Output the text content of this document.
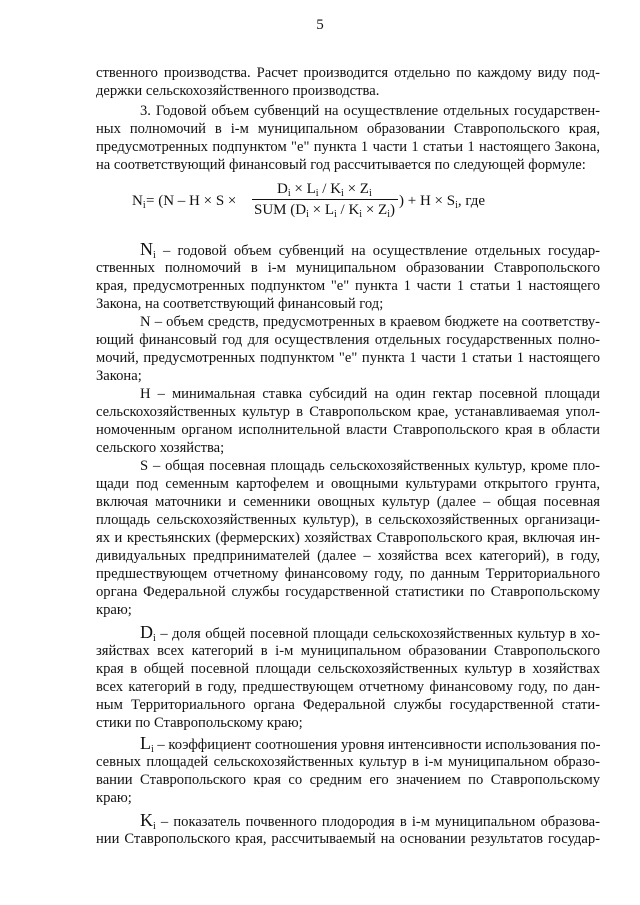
5
ственного производства. Расчет производится отдельно по каждому виду под-
держки сельскохозяйственного производства.
3. Годовой объем субвенций на осуществление отдельных государствен-
ных полномочий в i-м муниципальном образовании Ставропольского края,
предусмотренных подпунктом "е" пункта 1 части 1 статьи 1 настоящего Закона,
на соответствующий финансовый год рассчитывается по следующей формуле:
$N_i = (N - H \times S$ ×
$D_i \times L_i / K_i \times Z_i$
SUM $(D_i \times L_i / K_i \times Z_i)$
) + $H \times S_i$, где
$N_i$ – годовой объем субвенций на осуществление отдельных государ-
ственных полномочий в i-м муниципальном образовании Ставропольского
края, предусмотренных подпунктом "е" пункта 1 части 1 статьи 1 настоящего
Закона, на соответствующий финансовый год;
N – объем средств, предусмотренных в краевом бюджете на соответству-
ющий финансовый год для осуществления отдельных государственных полно-
мочий, предусмотренных подпунктом "е" пункта 1 части 1 статьи 1 настоящего
Закона;
Н – минимальная ставка субсидий на один гектар посевной площади
сельскохозяйственных культур в Ставропольском крае, устанавливаемая упол-
номоченным органом исполнительной власти Ставропольского края в области
сельского хозяйства;
S – общая посевная площадь сельскохозяйственных культур, кроме пло-
щади под семенным картофелем и овощными культурами открытого грунта,
включая маточники и семенники овощных культур (далее – общая посевная
площадь сельскохозяйственных культур), в сельскохозяйственных организаци-
ях и крестьянских (фермерских) хозяйствах Ставропольского края, включая ин-
дивидуальных предпринимателей (далее – хозяйства всех категорий), в году,
предшествующем отчетному финансовому году, по данным Территориального
органа Федеральной службы государственной статистики по Ставропольскому
краю;
$D_i$ – доля общей посевной площади сельскохозяйственных культур в хо-
зяйствах всех категорий в i-м муниципальном образовании Ставропольского
края в общей посевной площади сельскохозяйственных культур в хозяйствах
всех категорий в году, предшествующем отчетному финансовому году, по дан-
ным Территориального органа Федеральной службы государственной стати-
стики по Ставропольскому краю;
$L_i$ – коэффициент соотношения уровня интенсивности использования по-
севных площадей сельскохозяйственных культур в i-м муниципальном образо-
вании Ставропольского края со средним его значением по Ставропольскому
краю;
$K_i$ – показатель почвенного плодородия в i-м муниципальном образова-
нии Ставропольского края, рассчитываемый на основании результатов государ-
